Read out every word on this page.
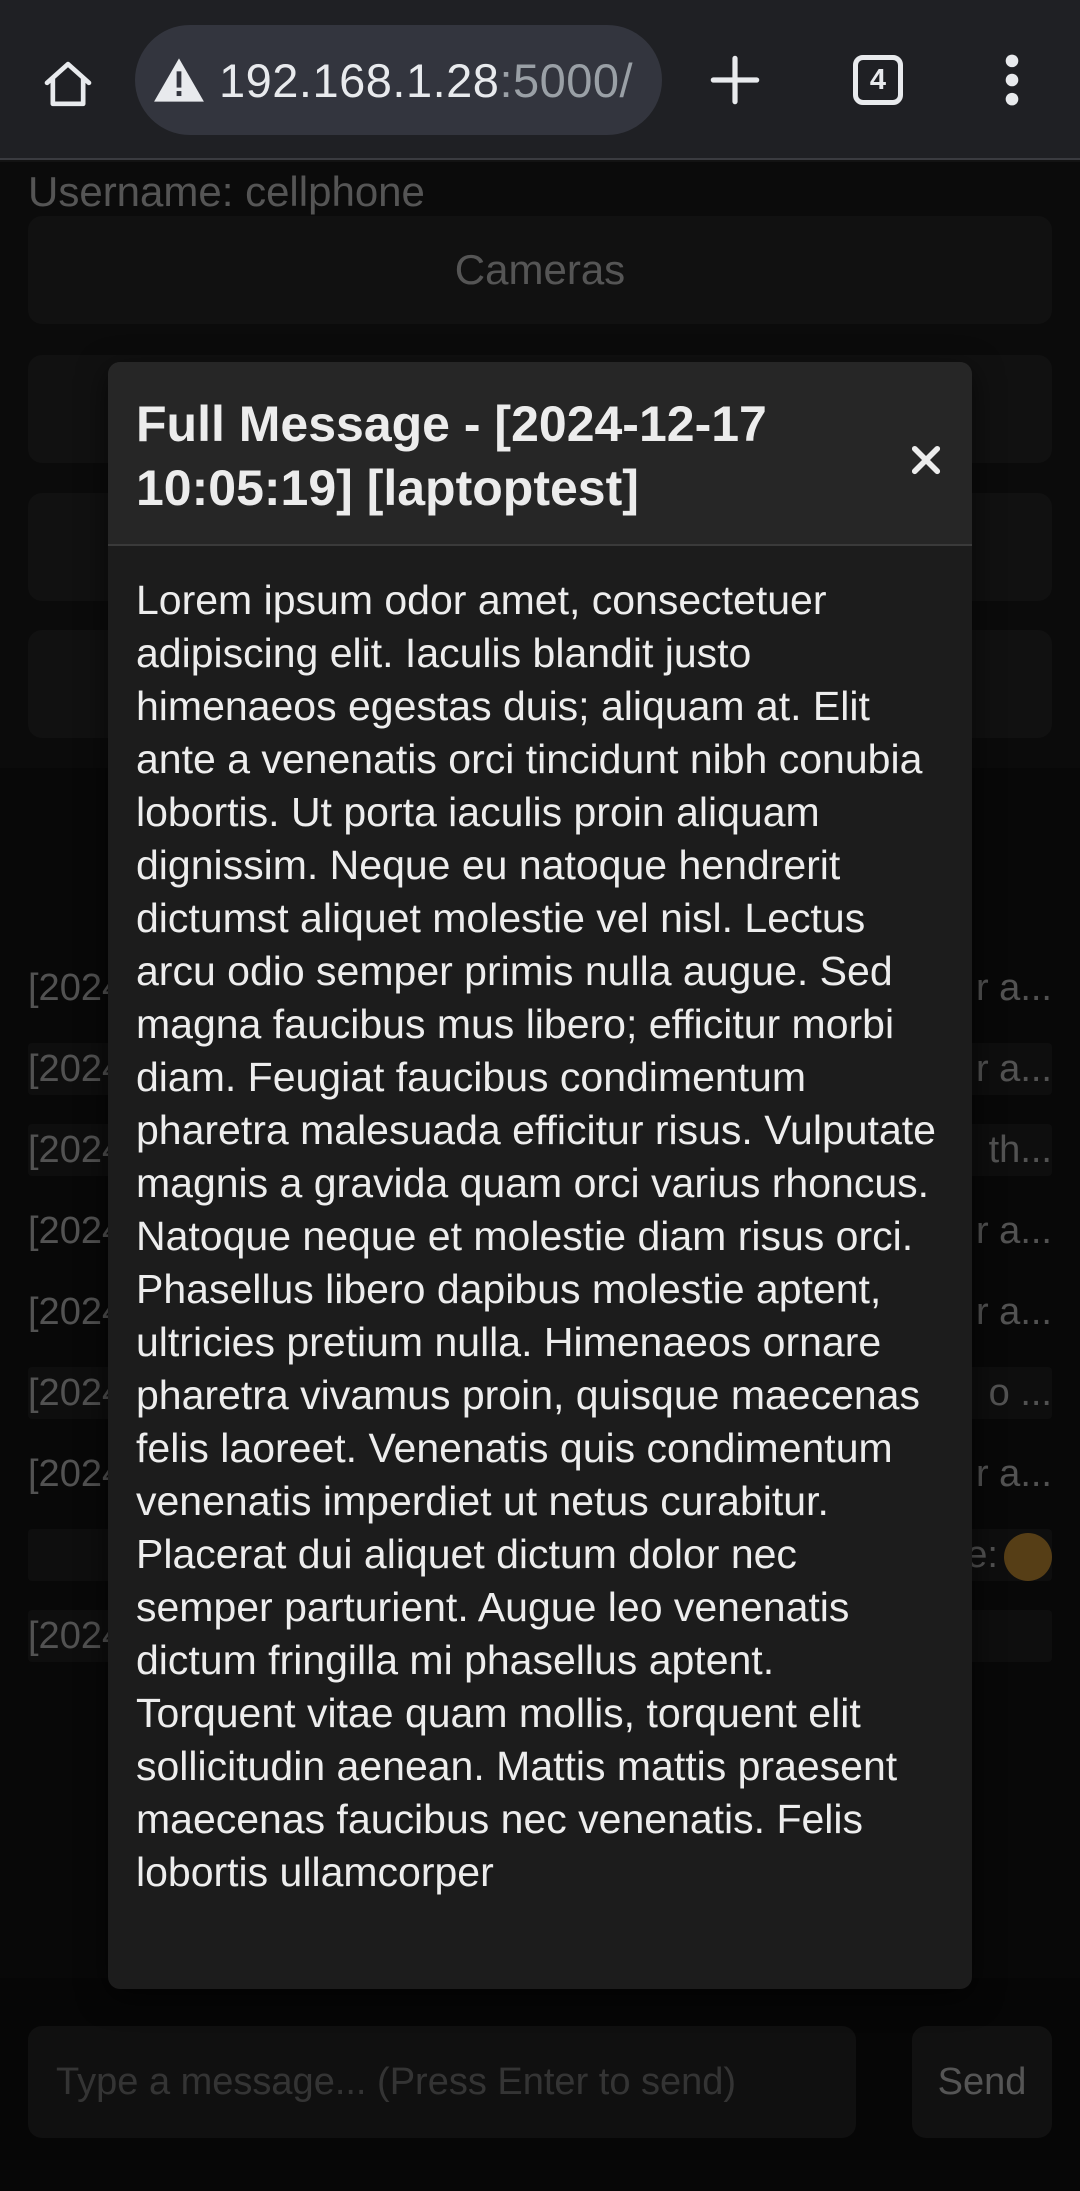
192.168.1.28:5000/	4
Type a message... (Press Enter to send)
Full Message - [2024-12-17 10:05:19] [laptoptest]

Lorem ipsum odor amet, consectetuer adipiscing elit. Iaculis blandit justo himenaeos egestas duis; aliquam at. Elit ante a venenatis orci tincidunt nibh conubia lobortis. Ut porta iaculis proin aliquam dignissim. Neque eu natoque hendrerit dictumst aliquet molestie vel nisl. Lectus arcu odio semper primis nulla augue. Sed magna faucibus mus libero; efficitur morbi diam. Feugiat faucibus condimentum pharetra malesuada efficitur risus. Vulputate magnis a gravida quam orci varius rhoncus. Natoque neque et molestie diam risus orci. Phasellus libero dapibus molestie aptent, ultricies pretium nulla. Himenaeos ornare pharetra vivamus proin, quisque maecenas felis laoreet. Venenatis quis condimentum venenatis imperdiet ut netus curabitur. Placerat dui aliquet dictum dolor nec semper parturient. Augue leo venenatis dictum fringilla mi phasellus aptent. Torquent vitae quam mollis, torquent elit sollicitudin aenean. Mattis mattis praesent maecenas faucibus nec venenatis. Felis lobortis ullamcorper
